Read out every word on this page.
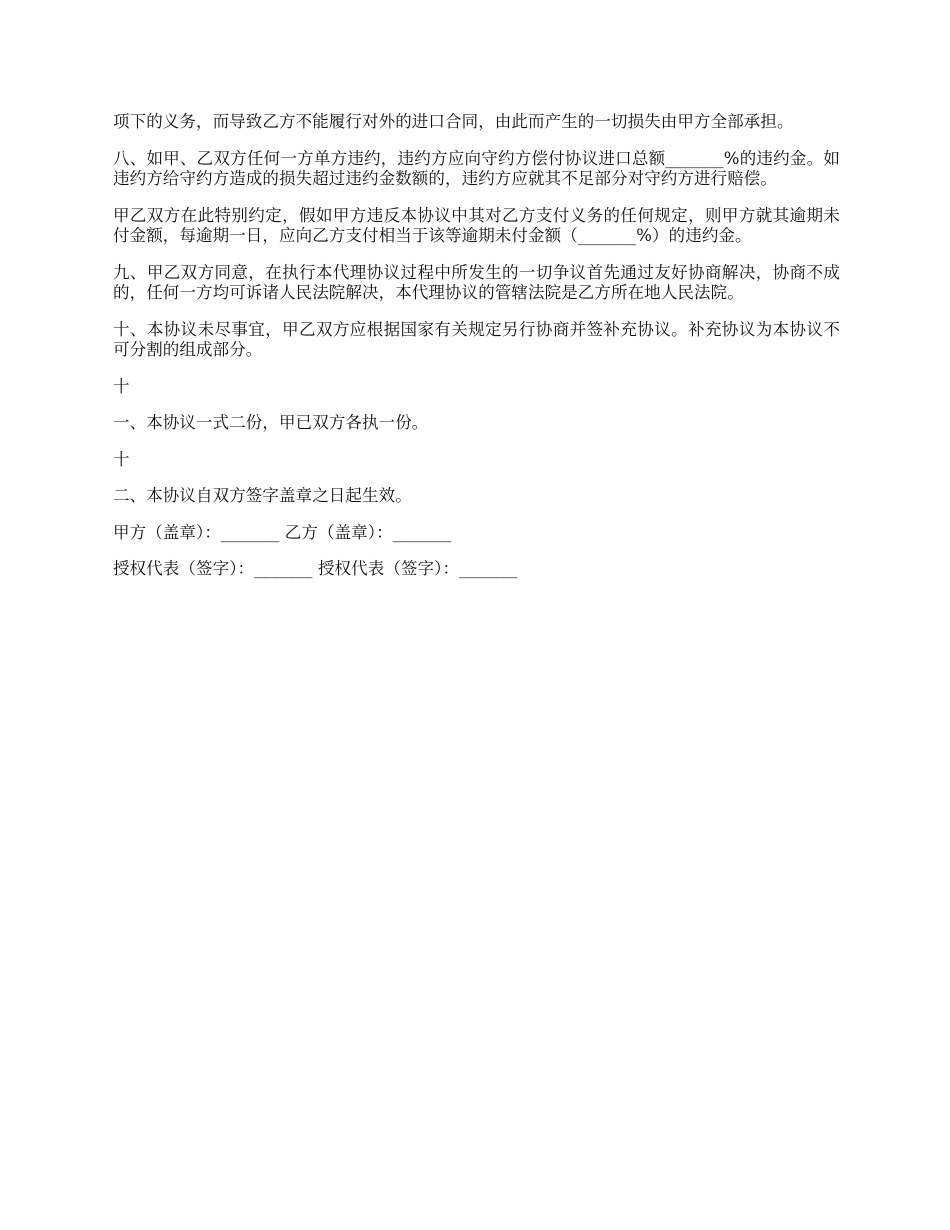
项下的义务，而导致乙方不能履行对外的进口合同，由此而产生的一切损失由甲方全部承担。

八、如甲、乙双方任何一方单方违约，违约方应向守约方偿付协议进口总额_______%的违约金。如违约方给守约方造成的损失超过违约金数额的，违约方应就其不足部分对守约方进行赔偿。

甲乙双方在此特别约定，假如甲方违反本协议中其对乙方支付义务的任何规定，则甲方就其逾期未付金额，每逾期一日，应向乙方支付相当于该等逾期未付金额（_______%）的违约金。

九、甲乙双方同意，在执行本代理协议过程中所发生的一切争议首先通过友好协商解决，协商不成的，任何一方均可诉诸人民法院解决，本代理协议的管辖法院是乙方所在地人民法院。

十、本协议未尽事宜，甲乙双方应根据国家有关规定另行协商并签补充协议。补充协议为本协议不可分割的组成部分。

十

一、本协议一式二份，甲已双方各执一份。

十

二、本协议自双方签字盖章之日起生效。

甲方（盖章）：_______ 乙方（盖章）：_______

授权代表（签字）：_______ 授权代表（签字）：_______
